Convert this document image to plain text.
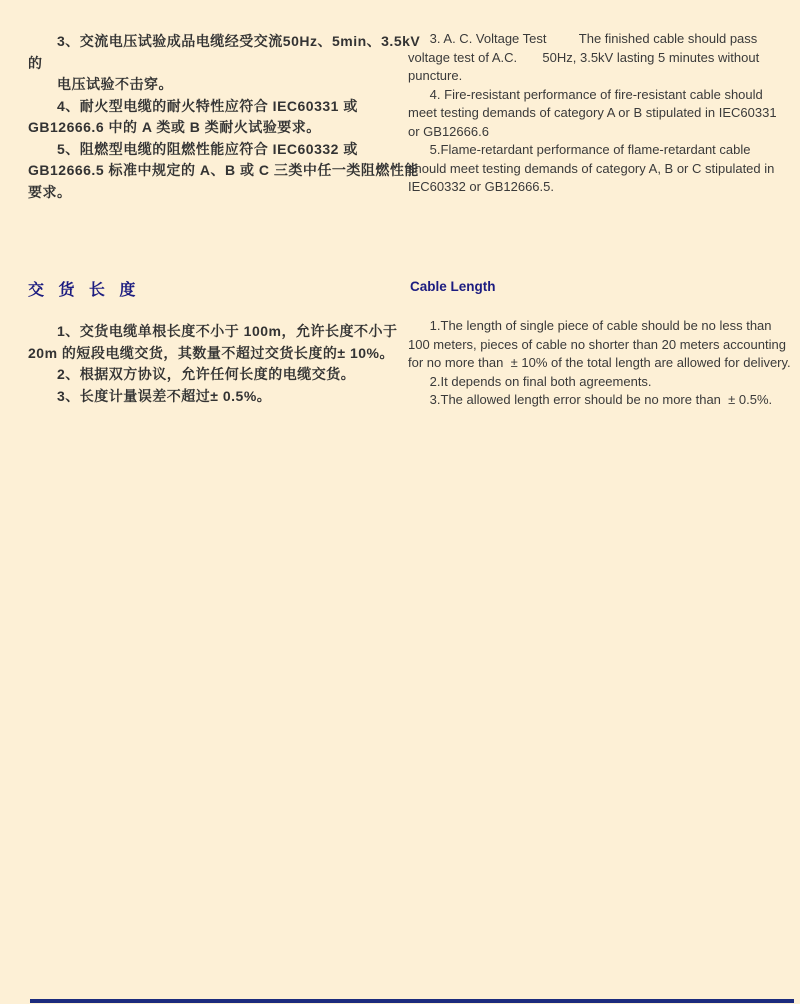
　　3、交流电压试验成品电缆经受交流50Hz、5min、3.5kV
的
　　电压试验不击穿。
　　4、耐火型电缆的耐火特性应符合 IEC60331 或
GB12666.6 中的 A 类或 B 类耐火试验要求。
　　5、阻燃型电缆的阻燃性能应符合 IEC60332 或
GB12666.5 标准中规定的 A、B 或 C 三类中任一类阻燃性能
要求。
3. A. C. Voltage Test         The finished cable should pass
voltage test of A.C.       50Hz, 3.5kV lasting 5 minutes without
puncture.
4. Fire-resistant performance of fire-resistant cable should
meet testing demands of category A or B stipulated in IEC60331
or GB12666.6
5.Flame-retardant performance of flame-retardant cable
should meet testing demands of category A, B or C stipulated in
IEC60332 or GB12666.5.
交 货 长 度	Cable Length
　　1、交货电缆单根长度不小于 100m，允许长度不小于
20m 的短段电缆交货，其数量不超过交货长度的± 10%。
　　2、根据双方协议，允许任何长度的电缆交货。
　　3、长度计量误差不超过± 0.5%。
1.The length of single piece of cable should be no less than
100 meters, pieces of cable no shorter than 20 meters accounting
for no more than  ± 10% of the total length are allowed for delivery.
2.It depends on final both agreements.
3.The allowed length error should be no more than  ± 0.5%.
